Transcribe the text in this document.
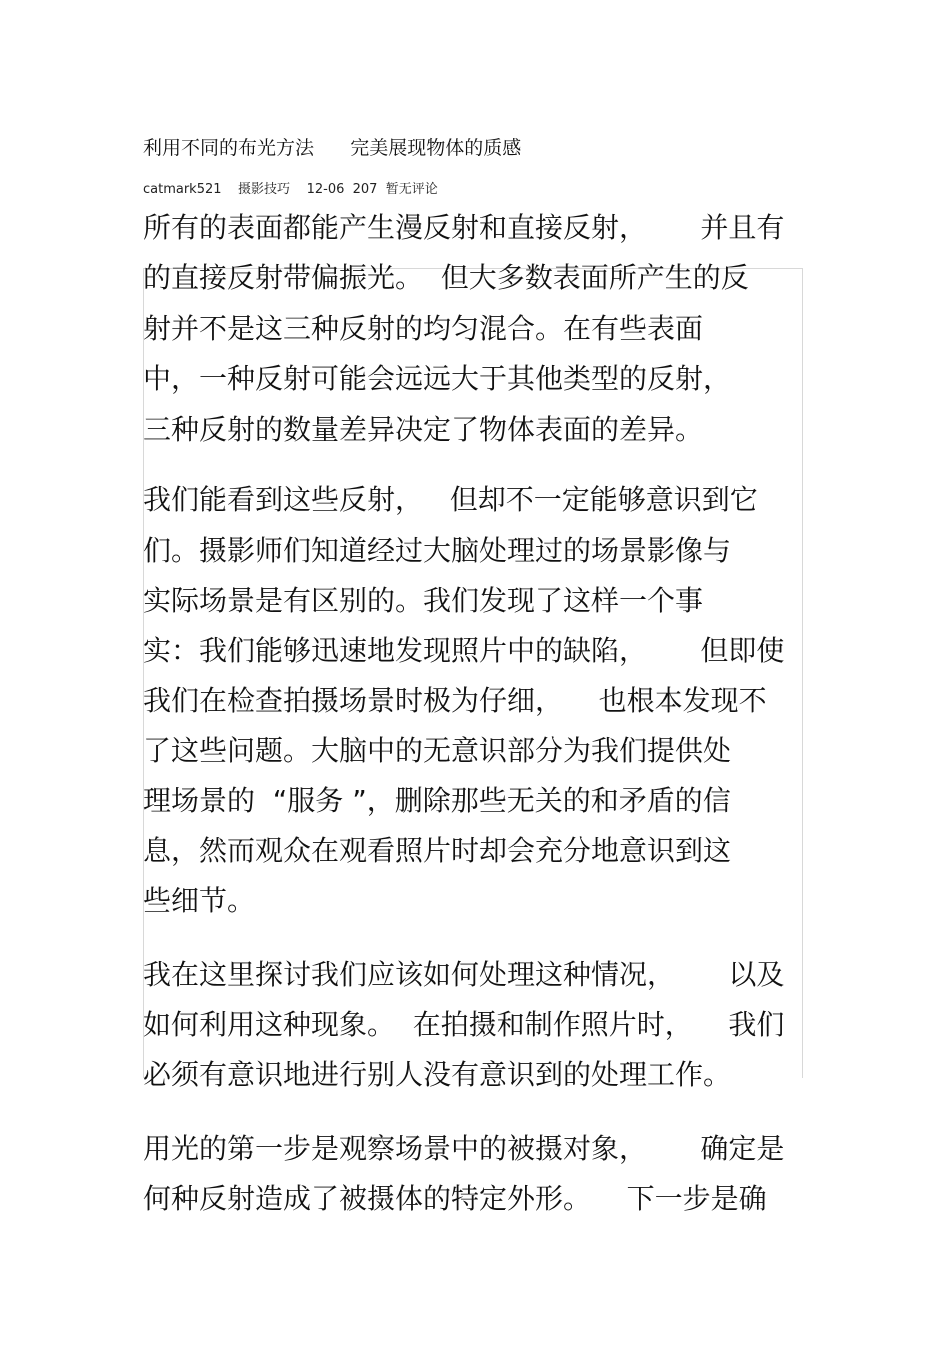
利用不同的布光方法      完美展现物体的质感
catmark521    摄影技巧    12-06  207  暂无评论
所有的表面都能产生漫反射和直接反射，      并且有
的直接反射带偏振光。  但大多数表面所产生的反
射并不是这三种反射的均匀混合。在有些表面
中，一种反射可能会远远大于其他类型的反射，
三种反射的数量差异决定了物体表面的差异。
我们能看到这些反射，   但却不一定能够意识到它
们。摄影师们知道经过大脑处理过的场景影像与
实际场景是有区别的。我们发现了这样一个事
实：我们能够迅速地发现照片中的缺陷，      但即使
我们在检查拍摄场景时极为仔细，    也根本发现不
了这些问题。大脑中的无意识部分为我们提供处
理场景的  “服务 ”，删除那些无关的和矛盾的信
息，然而观众在观看照片时却会充分地意识到这
些细节。
我在这里探讨我们应该如何处理这种情况，      以及
如何利用这种现象。  在拍摄和制作照片时，    我们
必须有意识地进行别人没有意识到的处理工作。
用光的第一步是观察场景中的被摄对象，      确定是
何种反射造成了被摄体的特定外形。    下一步是确
